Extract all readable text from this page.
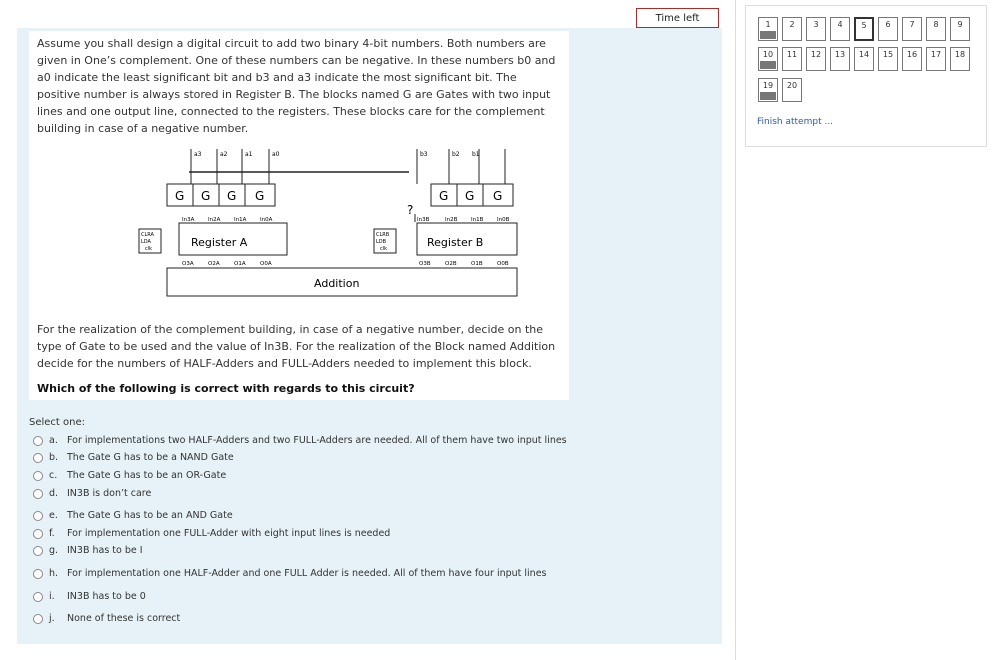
Time left

Assume you shall design a digital circuit to add two binary 4-bit numbers. Both numbers are given in One’s complement. One of these numbers can be negative. In these numbers b0 and a0 indicate the least significant bit and b3 and a3 indicate the most significant bit. The positive number is always stored in Register B. The blocks named G are Gates with two input lines and one output line, connected to the registers. These blocks care for the complement building in case of a negative number.

a3	a2	a1	a0	b3	b2 b1
G G G G	G G G
?
In3A In2A In1A In0A	In3B	In2B In1B In0B
Register A
CLRA
LDA
clk	Register B
CLRB
LDB
clk
O3A	O2A	O1A	O0A	O3B	O2B	O1B	O0B
Addition

For the realization of the complement building, in case of a negative number, decide on the type of Gate to be used and the value of In3B. For the realization of the Block named Addition decide for the numbers of HALF-Adders and FULL-Adders needed to implement this block.

Which of the following is correct with regards to this circuit?

Select one:
a. For implementations two HALF-Adders and two FULL-Adders are needed. All of them have two input lines
b. The Gate G has to be a NAND Gate
c.	The Gate G has to be an OR-Gate
d. IN3B is don’t care
e. The Gate G has to be an AND Gate
f.	For implementation one FULL-Adder with eight input lines is needed
g. IN3B has to be I
h. For implementation one HALF-Adder and one FULL Adder is needed. All of them have four input lines
i.	IN3B has to be 0
j.	None of these is correct
1	2	3	4	5	6	7	8	9
10	11	12	13	14	15	16	17	18
19	20
Finish attempt ...
